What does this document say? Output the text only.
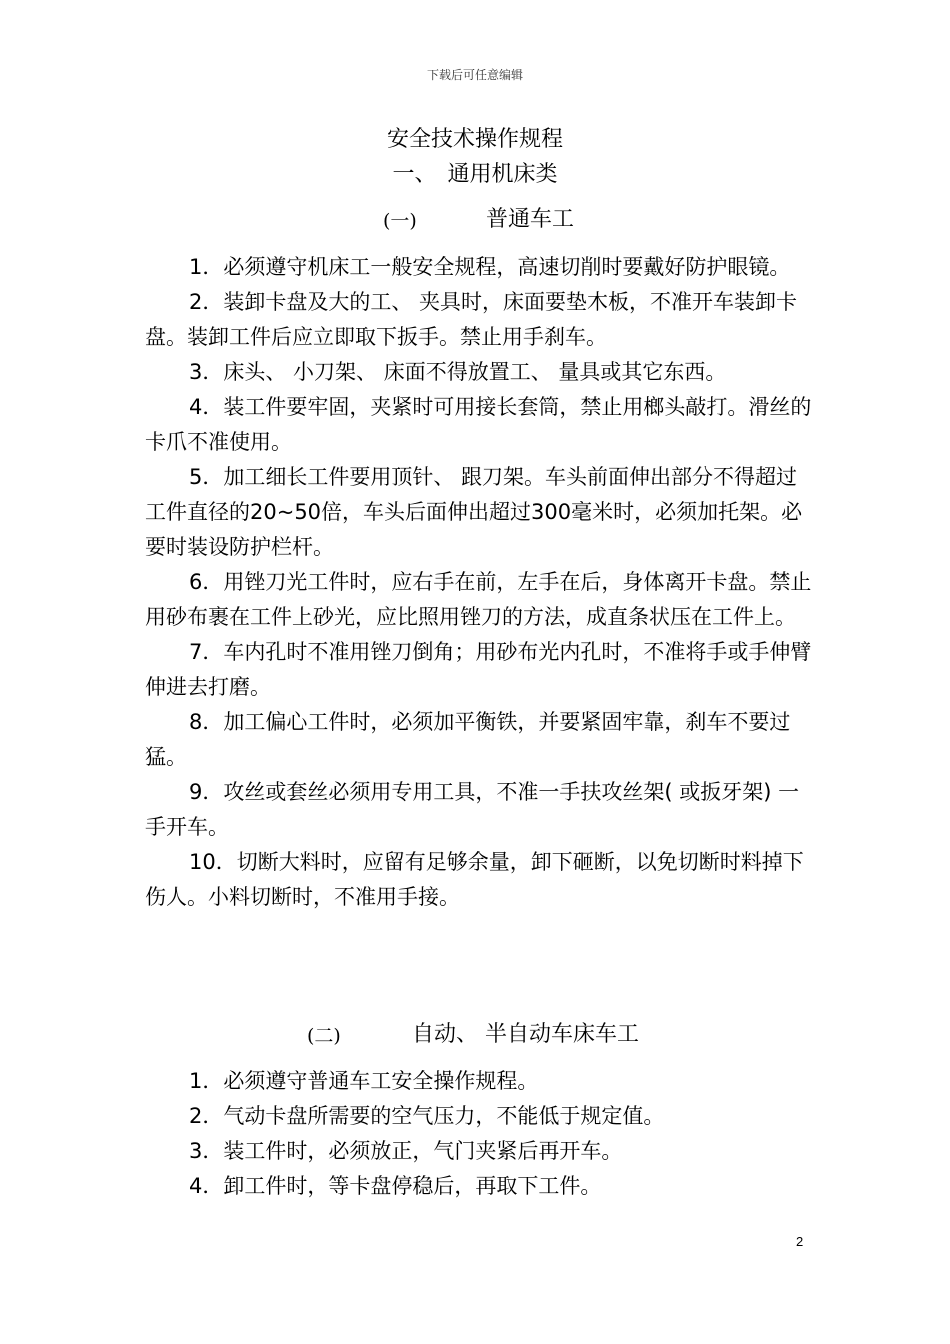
下载后可任意编辑
安全技术操作规程
一、　通用机床类
(一)	普通车工

1．必须遵守机床工一般安全规程，高速切削时要戴好防护眼镜。

2．装卸卡盘及大的工、 夹具时，床面要垫木板，不准开车装卸卡盘。装卸工件后应立即取下扳手。禁止用手刹车。

3．床头、 小刀架、 床面不得放置工、 量具或其它东西。

4．装工件要牢固，夹紧时可用接长套筒，禁止用榔头敲打。滑丝的卡爪不准使用。

5．加工细长工件要用顶针、 跟刀架。车头前面伸出部分不得超过工件直径的20~50倍，车头后面伸出超过300毫米时，必须加托架。必要时装设防护栏杆。

6．用锉刀光工件时，应右手在前，左手在后，身体离开卡盘。禁止用砂布裹在工件上砂光，应比照用锉刀的方法，成直条状压在工件上。

7．车内孔时不准用锉刀倒角；用砂布光内孔时，不准将手或手伸臂伸进去打磨。

8．加工偏心工件时，必须加平衡铁，并要紧固牢靠，刹车不要过猛。

9．攻丝或套丝必须用专用工具，不准一手扶攻丝架( 或扳牙架) 一手开车。

10．切断大料时，应留有足够余量，卸下砸断，以免切断时料掉下伤人。小料切断时，不准用手接。

(二)	自动、 半自动车床车工

1．必须遵守普通车工安全操作规程。

2．气动卡盘所需要的空气压力，不能低于规定值。

3．装工件时，必须放正，气门夹紧后再开车。

4．卸工件时，等卡盘停稳后，再取下工件。

2
